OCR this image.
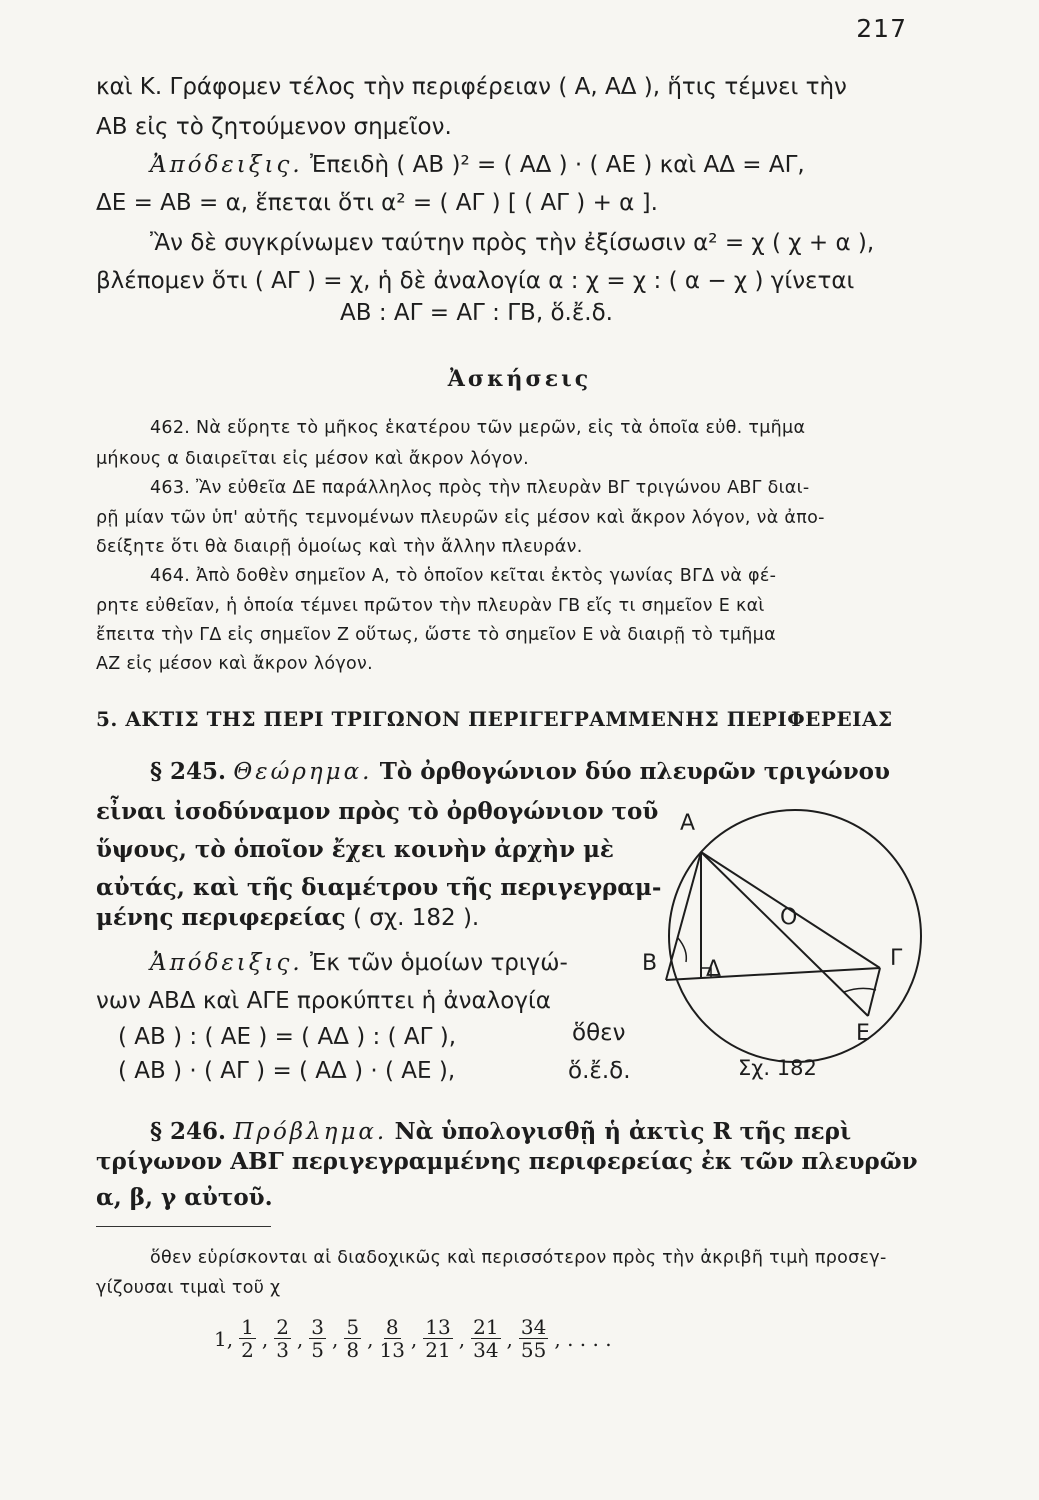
217
καὶ Κ. Γράφομεν τέλος τὴν περιφέρειαν ( Α, ΑΔ ), ἥτις τέμνει τὴν
ΑΒ εἰς τὸ ζητούμενον σημεῖον.
Ἀπόδειξις. Ἐπειδὴ ( ΑΒ )² = ( ΑΔ ) · ( ΑΕ ) καὶ ΑΔ = ΑΓ,
ΔΕ = ΑΒ = α, ἕπεται ὅτι α² = ( ΑΓ ) [ ( ΑΓ ) + α ].
Ἂν δὲ συγκρίνωμεν ταύτην πρὸς τὴν ἐξίσωσιν α² = χ ( χ + α ),
βλέπομεν ὅτι ( ΑΓ ) = χ, ἡ δὲ ἀναλογία α : χ = χ : ( α − χ ) γίνεται
ΑΒ : ΑΓ = ΑΓ : ΓΒ, ὅ.ἔ.δ.
Ἀσκήσεις
462. Νὰ εὕρητε τὸ μῆκος ἑκατέρου τῶν μερῶν, εἰς τὰ ὁποῖα εὐθ. τμῆμα
μήκους α διαιρεῖται εἰς μέσον καὶ ἄκρον λόγον.
463. Ἂν εὐθεῖα ΔΕ παράλληλος πρὸς τὴν πλευρὰν ΒΓ τριγώνου ΑΒΓ διαι-
ρῇ μίαν τῶν ὑπ' αὐτῆς τεμνομένων πλευρῶν εἰς μέσον καὶ ἄκρον λόγον, νὰ ἀπο-
δείξητε ὅτι θὰ διαιρῇ ὁμοίως καὶ τὴν ἄλλην πλευράν.
464. Ἀπὸ δοθὲν σημεῖον Α, τὸ ὁποῖον κεῖται ἐκτὸς γωνίας ΒΓΔ νὰ φέ-
ρητε εὐθεῖαν, ἡ ὁποία τέμνει πρῶτον τὴν πλευρὰν ΓΒ εἴς τι σημεῖον Ε καὶ
ἔπειτα τὴν ΓΔ εἰς σημεῖον Ζ οὕτως, ὥστε τὸ σημεῖον Ε νὰ διαιρῇ τὸ τμῆμα
ΑΖ εἰς μέσον καὶ ἄκρον λόγον.
5. ΑΚΤΙΣ ΤΗΣ ΠΕΡΙ ΤΡΙΓΩΝΟΝ ΠΕΡΙΓΕΓΡΑΜΜΕΝΗΣ ΠΕΡΙΦΕΡΕΙΑΣ
§ 245. Θεώρημα. Τὸ ὀρθογώνιον δύο πλευρῶν τριγώνου
εἶναι ἰσοδύναμον πρὸς τὸ ὀρθογώνιον τοῦ
ὕψους, τὸ ὁποῖον ἔχει κοινὴν ἀρχὴν μὲ
αὐτάς, καὶ τῆς διαμέτρου τῆς περιγεγραμ-
μένης περιφερείας ( σχ. 182 ).
Ἀπόδειξις. Ἐκ τῶν ὁμοίων τριγώ-
νων ΑΒΔ καὶ ΑΓΕ προκύπτει ἡ ἀναλογία
( ΑΒ ) : ( ΑΕ ) = ( ΑΔ ) : ( ΑΓ ),	ὅθεν
( ΑΒ ) · ( ΑΓ ) = ( ΑΔ ) · ( ΑΕ ),	ὅ.ἔ.δ.
Α
Β	Γ
Δ
Ε
Ο
Σχ. 182
§ 246. Πρόβλημα. Νὰ ὑπολογισθῇ ἡ ἀκτὶς R τῆς περὶ
τρίγωνον ΑΒΓ περιγεγραμμένης περιφερείας ἐκ τῶν πλευρῶν
α, β, γ αὐτοῦ.
ὅθεν εὑρίσκονται αἱ διαδοχικῶς καὶ περισσότερον πρὸς τὴν ἀκριβῆ τιμὴ προσεγ-
γίζουσαι τιμαὶ τοῦ χ
1, 1
2 , 2
3 , 3
5 , 5
8 , 8
13 , 13
21 , 21
34 , 34
55 , . . . .
